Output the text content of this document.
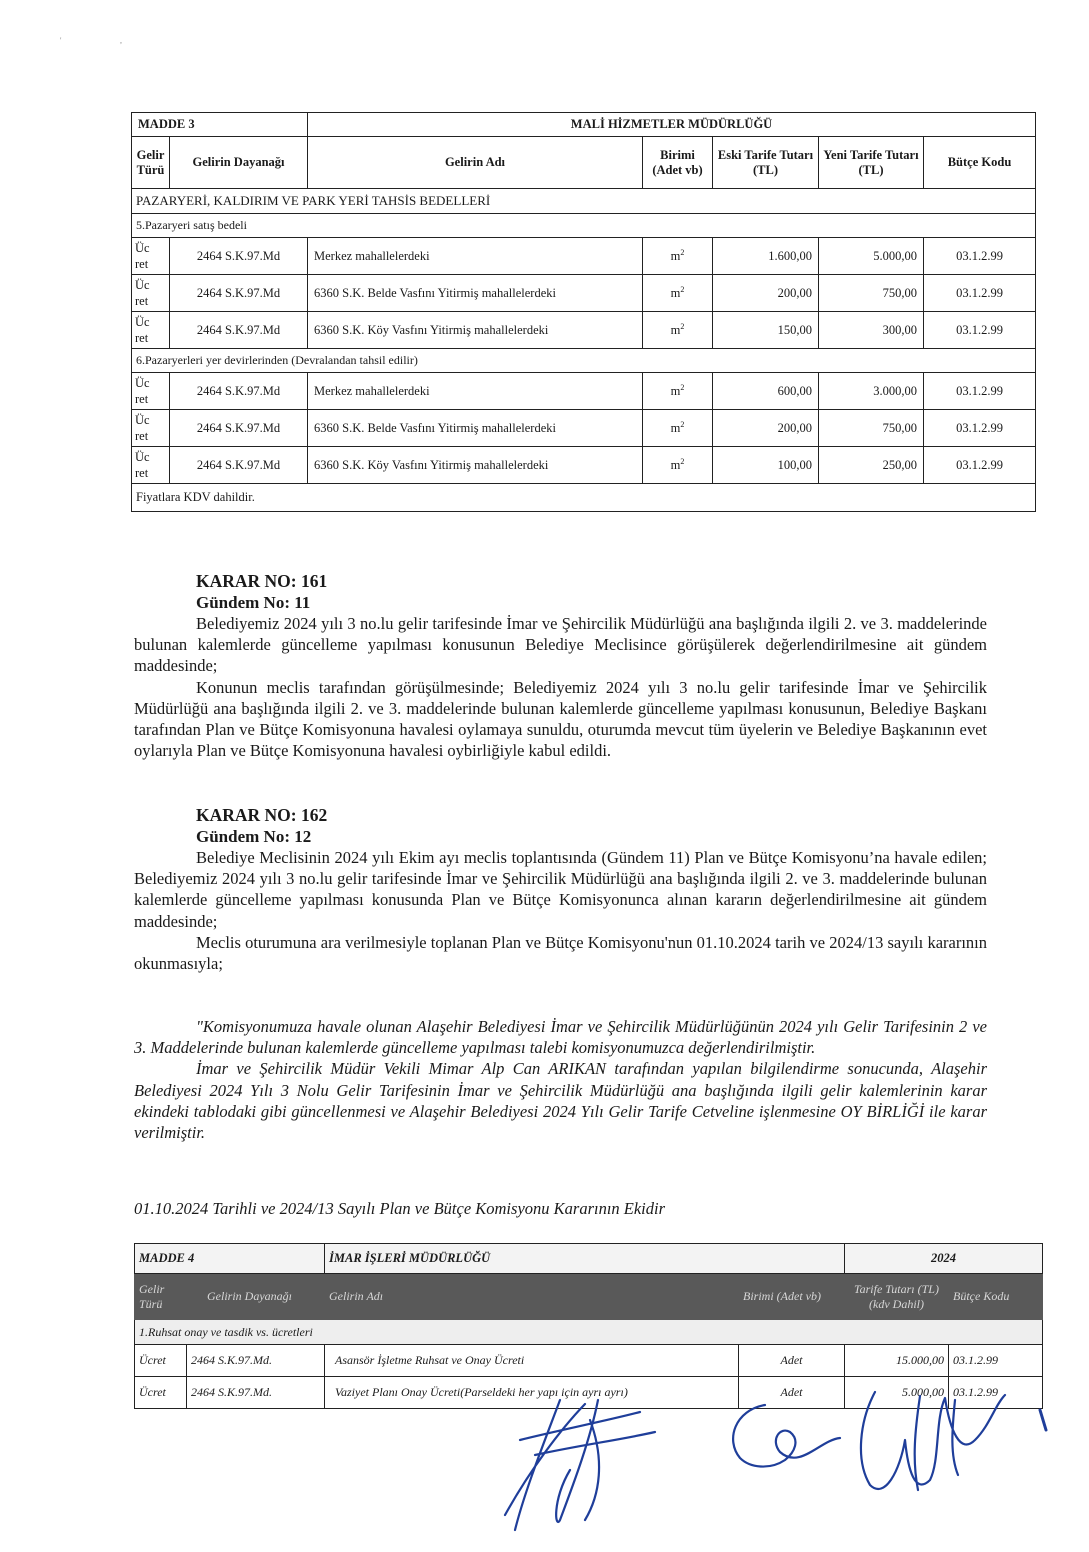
'	,
MADDE 3		MALİ HİZMETLER MÜDÜRLÜĞÜ				
Gelir Türü	Gelirin Dayanağı	Gelirin Adı	Birimi (Adet vb)	Eski Tarife Tutarı (TL)	Yeni Tarife Tutarı (TL)	Bütçe Kodu
PAZARYERİ, KALDIRIM VE PARK YERİ TAHSİS BEDELLERİ						
5.Pazaryeri satış bedeli						
Üc ret	2464 S.K.97.Md	Merkez mahallelerdeki	$m^2$	1.600,00	5.000,00	03.1.2.99
Üc ret	2464 S.K.97.Md	6360 S.K. Belde Vasfını Yitirmiş mahallelerdeki	$m^2$	200,00	750,00	03.1.2.99
Üc ret	2464 S.K.97.Md	6360 S.K. Köy Vasfını Yitirmiş mahallelerdeki	$m^2$	150,00	300,00	03.1.2.99
6.Pazaryerleri yer devirlerinden (Devralandan tahsil edilir)						
Üc ret	2464 S.K.97.Md	Merkez mahallelerdeki	$m^2$	600,00	3.000,00	03.1.2.99
Üc ret	2464 S.K.97.Md	6360 S.K. Belde Vasfını Yitirmiş mahallelerdeki	$m^2$	200,00	750,00	03.1.2.99
Üc ret	2464 S.K.97.Md	6360 S.K. Köy Vasfını Yitirmiş mahallelerdeki	$m^2$	100,00	250,00	03.1.2.99
Fiyatlara KDV dahildir.						
KARAR NO: 161
Gündem No: 11

Belediyemiz 2024 yılı 3 no.lu gelir tarifesinde İmar ve Şehircilik Müdürlüğü ana başlığında ilgili 2. ve 3. maddelerinde bulunan kalemlerde güncelleme yapılması konusunun Belediye Meclisince görüşülerek değerlendirilmesine ait gündem maddesinde;

Konunun meclis tarafından görüşülmesinde; Belediyemiz 2024 yılı 3 no.lu gelir tarifesinde İmar ve Şehircilik Müdürlüğü ana başlığında ilgili 2. ve 3. maddelerinde bulunan kalemlerde güncelleme yapılması konusunun, Belediye Başkanı tarafından Plan ve Bütçe Komisyonuna havalesi oylamaya sunuldu, oturumda mevcut tüm üyelerin ve Belediye Başkanının evet oylarıyla Plan ve Bütçe Komisyonuna havalesi oybirliğiyle kabul edildi.

KARAR NO: 162
Gündem No: 12

Belediye Meclisinin 2024 yılı Ekim ayı meclis toplantısında (Gündem 11) Plan ve Bütçe Komisyonu’na havale edilen; Belediyemiz 2024 yılı 3 no.lu gelir tarifesinde İmar ve Şehircilik Müdürlüğü ana başlığında ilgili 2. ve 3. maddelerinde bulunan kalemlerde güncelleme yapılması konusunda Plan ve Bütçe Komisyonunca alınan kararın değerlendirilmesine ait gündem maddesinde;

Meclis oturumuna ara verilmesiyle toplanan Plan ve Bütçe Komisyonu'nun 01.10.2024 tarih ve 2024/13 sayılı kararının okunmasıyla;

"Komisyonumuza havale olunan Alaşehir Belediyesi İmar ve Şehircilik Müdürlüğünün 2024 yılı Gelir Tarifesinin 2 ve 3. Maddelerinde bulunan kalemlerde güncelleme yapılması talebi komisyonumuzca değerlendirilmiştir.

İmar ve Şehircilik Müdür Vekili Mimar Alp Can ARIKAN tarafından yapılan bilgilendirme sonucunda, Alaşehir Belediyesi 2024 Yılı 3 Nolu Gelir Tarifesinin İmar ve Şehircilik Müdürlüğü ana başlığında ilgili gelir kalemlerinin karar ekindeki tablodaki gibi güncellenmesi ve Alaşehir Belediyesi 2024 Yılı Gelir Tarife Cetveline işlenmesine OY BİRLİĞİ ile karar verilmiştir.

01.10.2024 Tarihli ve 2024/13 Sayılı Plan ve Bütçe Komisyonu Kararının Ekidir
MADDE 4		İMAR İŞLERİ MÜDÜRLÜĞÜ		2024	
Gelir Türü	Gelirin Dayanağı	Gelirin Adı	Birimi (Adet vb)	Tarife Tutarı (TL) (kdv Dahil)	Bütçe Kodu
1.Ruhsat onay ve tasdik vs. ücretleri					
Ücret	2464 S.K.97.Md.	Asansör İşletme Ruhsat ve Onay Ücreti	Adet	15.000,00	03.1.2.99
Ücret	2464 S.K.97.Md.	Vaziyet Planı Onay Ücreti(Parseldeki her yapı için ayrı ayrı)	Adet	5.000,00	03.1.2.99
